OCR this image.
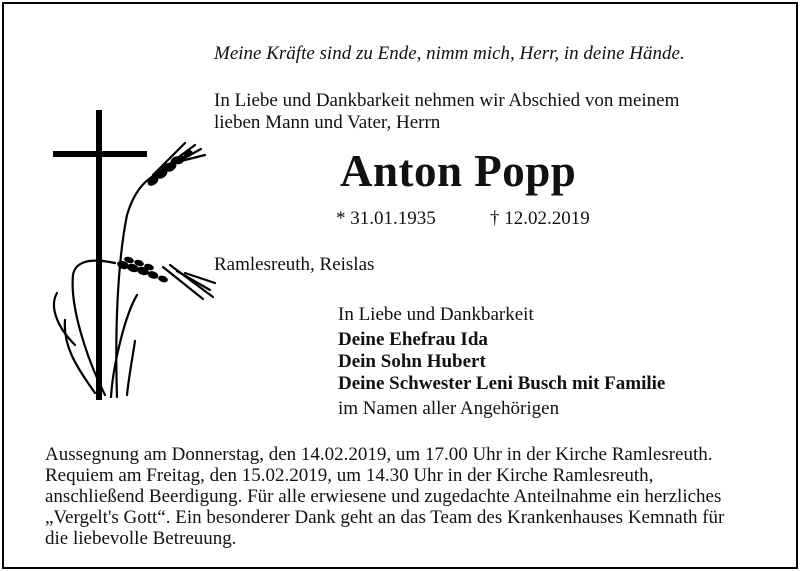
Meine Kräfte sind zu Ende, nimm mich, Herr, in deine Hände.
In Liebe und Dankbarkeit nehmen wir Abschied von meinem
lieben Mann und Vater, Herrn
Anton Popp
* 31.01.1935	† 12.02.2019
Ramlesreuth, Reislas
In Liebe und Dankbarkeit
Deine Ehefrau Ida
Dein Sohn Hubert
Deine Schwester Leni Busch mit Familie
im Namen aller Angehörigen
Aussegnung am Donnerstag, den 14.02.2019, um 17.00 Uhr in der Kirche Ramlesreuth.
Requiem am Freitag, den 15.02.2019, um 14.30 Uhr in der Kirche Ramlesreuth,
anschließend Beerdigung. Für alle erwiesene und zugedachte Anteilnahme ein herzliches
„Vergelt's Gott“. Ein besonderer Dank geht an das Team des Krankenhauses Kemnath für
die liebevolle Betreuung.
